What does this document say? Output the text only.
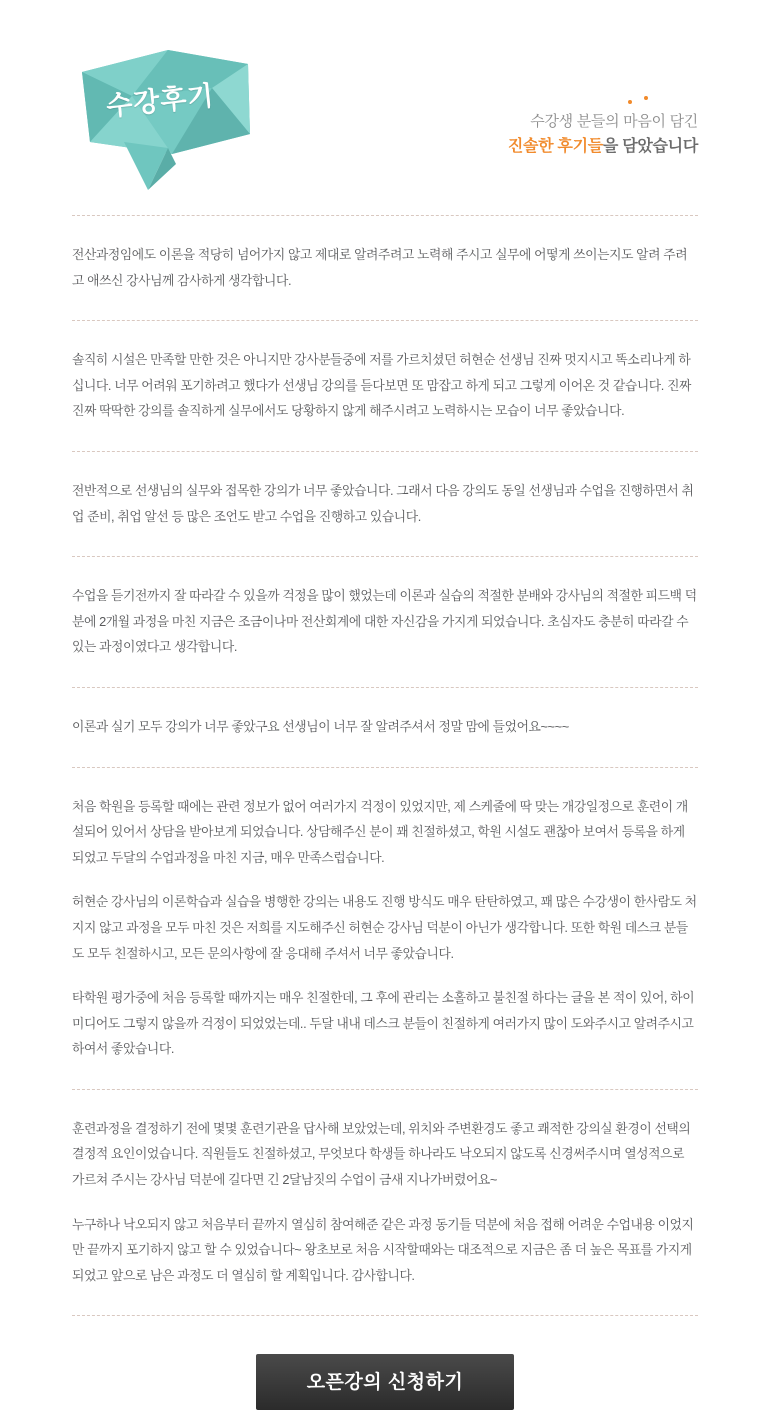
수강후기
수강생 분들의 마음이 담긴
진솔한 후기들을 담았습니다

전산과정임에도 이론을 적당히 넘어가지 않고 제대로 알려주려고 노력해 주시고 실무에 어떻게 쓰이는지도 알려 주려고 애쓰신 강사님께 감사하게 생각합니다.

솔직히 시설은 만족할 만한 것은 아니지만 강사분들중에 저를 가르치셨던 허현순 선생님 진짜 멋지시고 똑소리나게 하십니다. 너무 어려워 포기하려고 했다가 선생님 강의를 듣다보면 또 맘잡고 하게 되고 그렇게 이어온 것 같습니다. 진짜진짜 딱딱한 강의를 솔직하게 실무에서도 당황하지 않게 해주시려고 노력하시는 모습이 너무 좋았습니다.

전반적으로 선생님의 실무와 접목한 강의가 너무 좋았습니다. 그래서 다음 강의도 동일 선생님과 수업을 진행하면서 취업 준비, 취업 알선 등 많은 조언도 받고 수업을 진행하고 있습니다.

수업을 듣기전까지 잘 따라갈 수 있을까 걱정을 많이 했었는데 이론과 실습의 적절한 분배와 강사님의 적절한 피드백 덕분에 2개월 과정을 마친 지금은 조금이나마 전산회계에 대한 자신감을 가지게 되었습니다. 초심자도 충분히 따라갈 수 있는 과정이였다고 생각합니다.

이론과 실기 모두 강의가 너무 좋았구요 선생님이 너무 잘 알려주셔서 정말 맘에 들었어요~~~~

처음 학원을 등록할 때에는 관련 정보가 없어 여러가지 걱정이 있었지만, 제 스케줄에 딱 맞는 개강일정으로 훈련이 개설되어 있어서 상담을 받아보게 되었습니다. 상담해주신 분이 꽤 친절하셨고, 학원 시설도 괜찮아 보여서 등록을 하게 되었고 두달의 수업과정을 마친 지금, 매우 만족스럽습니다.

허현순 강사님의 이론학습과 실습을 병행한 강의는 내용도 진행 방식도 매우 탄탄하였고, 꽤 많은 수강생이 한사람도 처지지 않고 과정을 모두 마친 것은 저희를 지도해주신 허현순 강사님 덕분이 아닌가 생각합니다. 또한 학원 데스크 분들도 모두 친절하시고, 모든 문의사항에 잘 응대해 주셔서 너무 좋았습니다.

타학원 평가중에 처음 등록할 때까지는 매우 친절한데, 그 후에 관리는 소홀하고 불친절 하다는 글을 본 적이 있어, 하이미디어도 그렇지 않을까 걱정이 되었었는데.. 두달 내내 데스크 분들이 친절하게 여러가지 많이 도와주시고 알려주시고 하여서 좋았습니다.

훈련과정을 결정하기 전에 몇몇 훈련기관을 답사해 보았었는데, 위치와 주변환경도 좋고 쾌적한 강의실 환경이 선택의 결정적 요인이었습니다. 직원들도 친절하셨고, 무엇보다 학생들 하나라도 낙오되지 않도록 신경써주시며 열성적으로 가르쳐 주시는 강사님 덕분에 길다면 긴 2달남짓의 수업이 금새 지나가버렸어요~

누구하나 낙오되지 않고 처음부터 끝까지 열심히 참여해준 같은 과정 동기들 덕분에 처음 접해 어려운 수업내용 이었지만 끝까지 포기하지 않고 할 수 있었습니다~ 왕초보로 처음 시작할때와는 대조적으로 지금은 좀 더 높은 목표를 가지게 되었고 앞으로 남은 과정도 더 열심히 할 계획입니다. 감사합니다.

오픈강의 신청하기
